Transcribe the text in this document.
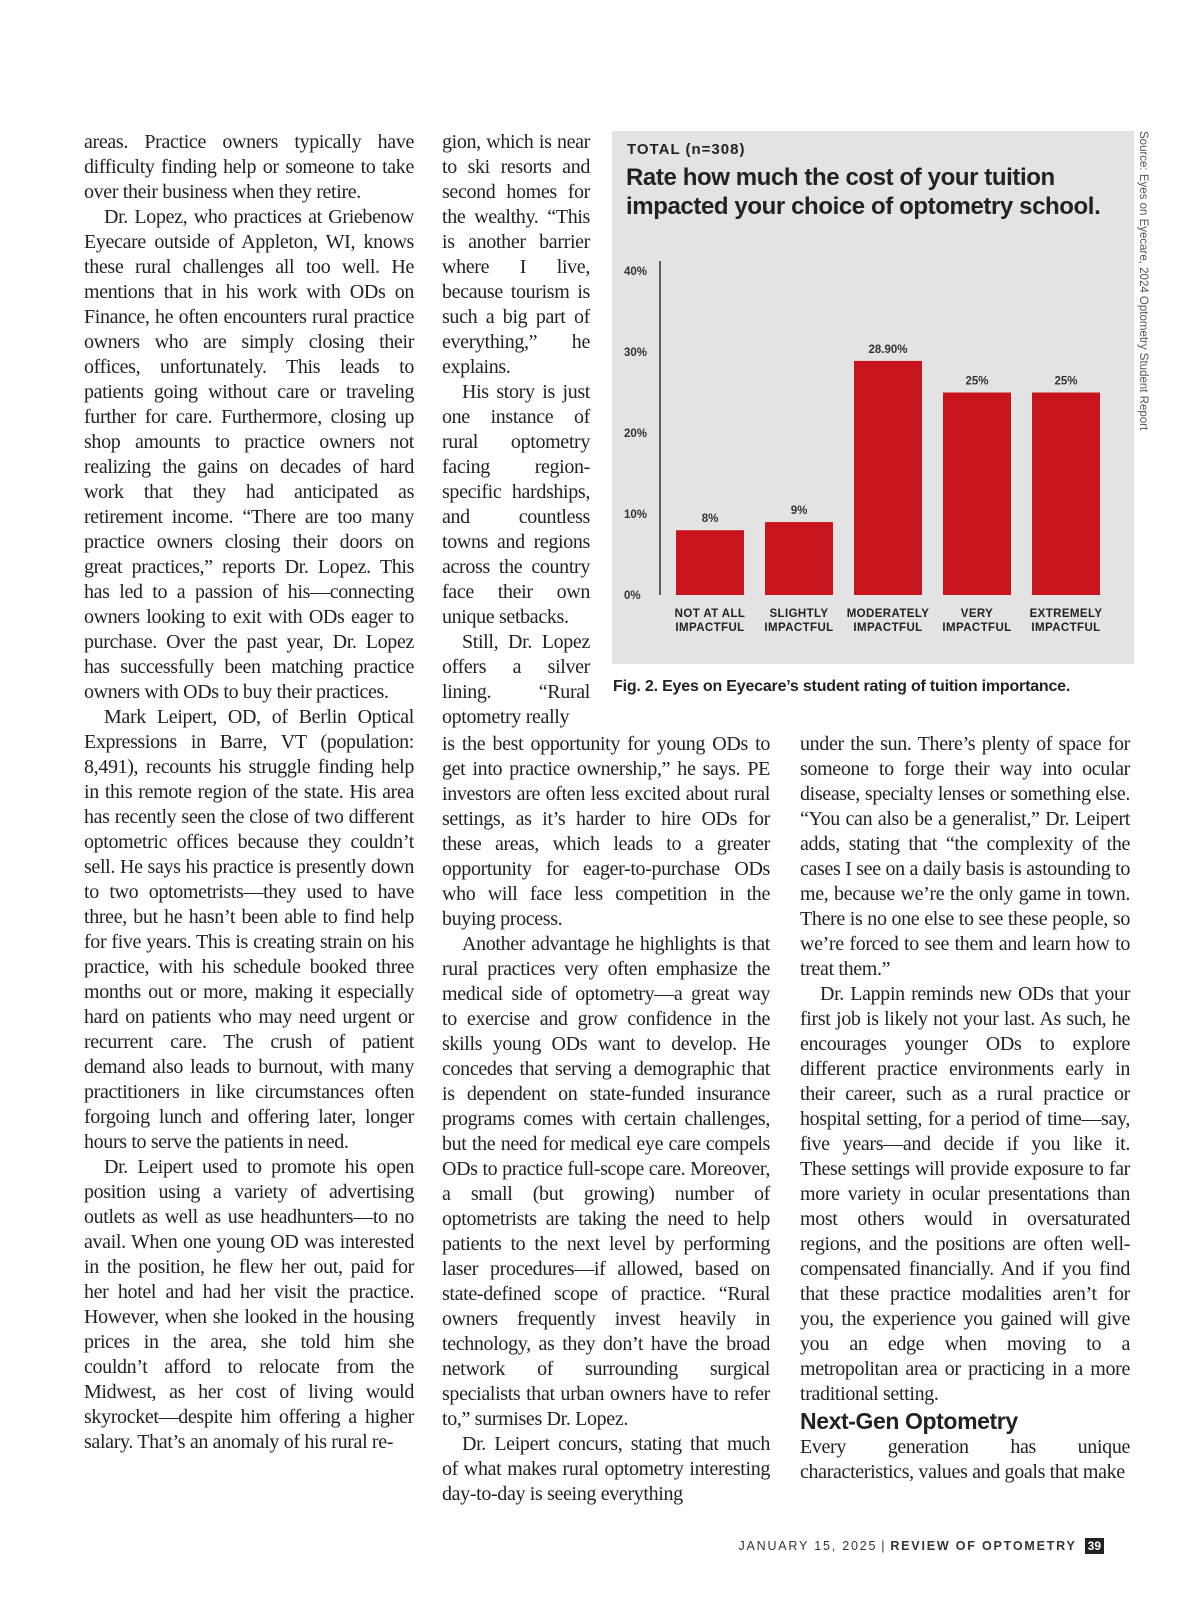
areas. Practice owners typically have difficulty finding help or someone to take over their business when they retire.

Dr. Lopez, who practices at Griebenow Eyecare outside of Appleton, WI, knows these rural challenges all too well. He mentions that in his work with ODs on Finance, he often encounters rural practice owners who are simply closing their offices, unfortunately. This leads to patients going without care or traveling further for care. Furthermore, closing up shop amounts to practice owners not realizing the gains on decades of hard work that they had anticipated as retirement income. “There are too many practice owners closing their doors on great practices,” reports Dr. Lopez. This has led to a passion of his—connecting owners looking to exit with ODs eager to purchase. Over the past year, Dr. Lopez has successfully been matching practice owners with ODs to buy their practices.

Mark Leipert, OD, of Berlin Optical Expressions in Barre, VT (population: 8,491), recounts his struggle finding help in this remote region of the state. His area has recently seen the close of two different optometric offices because they couldn’t sell. He says his practice is presently down to two optometrists—they used to have three, but he hasn’t been able to find help for five years. This is creating strain on his practice, with his schedule booked three months out or more, making it especially hard on patients who may need urgent or recurrent care. The crush of patient demand also leads to burnout, with many practitioners in like circumstances often forgoing lunch and offering later, longer hours to serve the patients in need.

Dr. Leipert used to promote his open position using a variety of advertising outlets as well as use headhunters—to no avail. When one young OD was interested in the position, he flew her out, paid for her hotel and had her visit the practice. However, when she looked in the housing prices in the area, she told him she couldn’t afford to relocate from the Midwest, as her cost of living would skyrocket—despite him offering a higher salary. That’s an anomaly of his rural re-

gion, which is near to ski resorts and second homes for the wealthy. “This is another barrier where I live, because tourism is such a big part of everything,” he explains.

His story is just one instance of rural optometry facing region-specific hardships, and countless towns and regions across the country face their own unique setbacks.

Still, Dr. Lopez offers a silver lining. “Rural optometry really

is the best opportunity for young ODs to get into practice ownership,” he says. PE investors are often less excited about rural settings, as it’s harder to hire ODs for these areas, which leads to a greater opportunity for eager-to-purchase ODs who will face less competition in the buying process.

Another advantage he highlights is that rural practices very often emphasize the medical side of optometry—a great way to exercise and grow confidence in the skills young ODs want to develop. He concedes that serving a demographic that is dependent on state-funded insurance programs comes with certain challenges, but the need for medical eye care compels ODs to practice full-scope care. Moreover, a small (but growing) number of optometrists are taking the need to help patients to the next level by performing laser procedures—if allowed, based on state-defined scope of practice. “Rural owners frequently invest heavily in technology, as they don’t have the broad network of surrounding surgical specialists that urban owners have to refer to,” surmises Dr. Lopez.

Dr. Leipert concurs, stating that much of what makes rural optometry interesting day-to-day is seeing everything

under the sun. There’s plenty of space for someone to forge their way into ocular disease, specialty lenses or something else. “You can also be a generalist,” Dr. Leipert adds, stating that “the complexity of the cases I see on a daily basis is astounding to me, because we’re the only game in town. There is no one else to see these people, so we’re forced to see them and learn how to treat them.”

Dr. Lappin reminds new ODs that your first job is likely not your last. As such, he encourages younger ODs to explore different practice environments early in their career, such as a rural practice or hospital setting, for a period of time—say, five years—and decide if you like it. These settings will provide exposure to far more variety in ocular presentations than most others would in oversaturated regions, and the positions are often well-compensated financially. And if you find that these practice modalities aren’t for you, the experience you gained will give you an edge when moving to a metropolitan area or practicing in a more traditional setting.

Next-Gen Optometry

Every generation has unique characteristics, values and goals that make

TOTAL (n=308)
Rate how much the cost of your tuition impacted your choice of optometry school.
0%
10%
20%
30%
40%
8%
NOT AT ALL
IMPACTFUL
9%
SLIGHTLY
IMPACTFUL
28.90%
MODERATELY
IMPACTFUL
25%
VERY
IMPACTFUL
25%
EXTREMELY
IMPACTFUL
Source: Eyes on Eyecare, 2024 Optometry Student Report
Fig. 2. Eyes on Eyecare’s student rating of tuition importance.
JANUARY 15, 2025 | REVIEW OF OPTOMETRY 39
